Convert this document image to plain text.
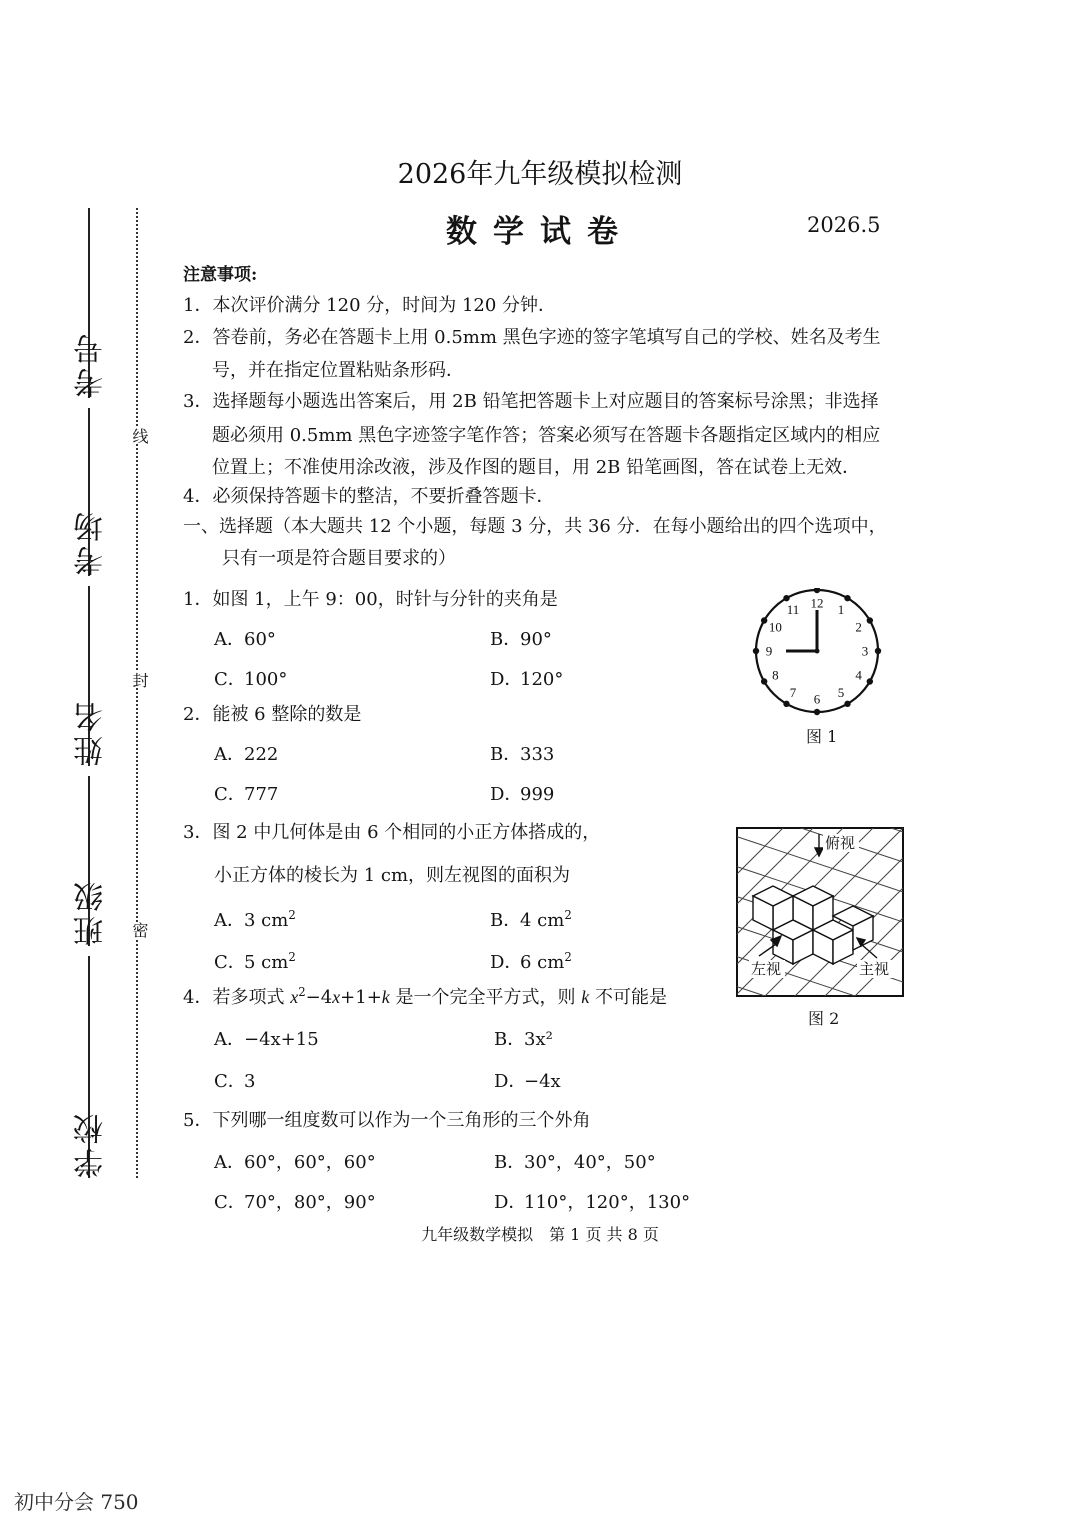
2026年九年级模拟检测
数学试卷	2026.5
考号
考场
姓名
班级
学校
线
封
密
注意事项:
1．本次评价满分 120 分，时间为 120 分钟．
2．答卷前，务必在答题卡上用 0.5mm 黑色字迹的签字笔填写自己的学校、姓名及考生
号，并在指定位置粘贴条形码．
3．选择题每小题选出答案后，用 2B 铅笔把答题卡上对应题目的答案标号涂黑；非选择
题必须用 0.5mm 黑色字迹签字笔作答；答案必须写在答题卡各题指定区域内的相应
位置上；不准使用涂改液，涉及作图的题目，用 2B 铅笔画图，答在试卷上无效．
4．必须保持答题卡的整洁，不要折叠答题卡．
一、选择题（本大题共 12 个小题，每题 3 分，共 36 分．在每小题给出的四个选项中，
只有一项是符合题目要求的）
1．如图 1，上午 9：00，时针与分针的夹角是
A．60°	B．90°
C．100°	D．120°
2．能被 6 整除的数是
A．222	B．333
C．777	D．999
3．图 2 中几何体是由 6 个相同的小正方体搭成的，
小正方体的棱长为 1 cm，则左视图的面积为
A．3 $cm^2$	B．4 $cm^2$
C．5 $cm^2$	D．6 $cm^2$
4．若多项式 $x^2-4x+1+k$ 是一个完全平方式，则 k 不可能是
A．−4x+15	B．3x²
C．3	D．−4x
5．下列哪一组度数可以作为一个三角形的三个外角
A．60°，60°，60°	B．30°，40°，50°
C．70°，80°，90°	D．110°，120°，130°
12 1
2
3
4
5
6
7
8
9
10
11
图 1
俯视
左视	主视
图 2
九年级数学模拟　第 1 页 共 8 页
初中分会 750
